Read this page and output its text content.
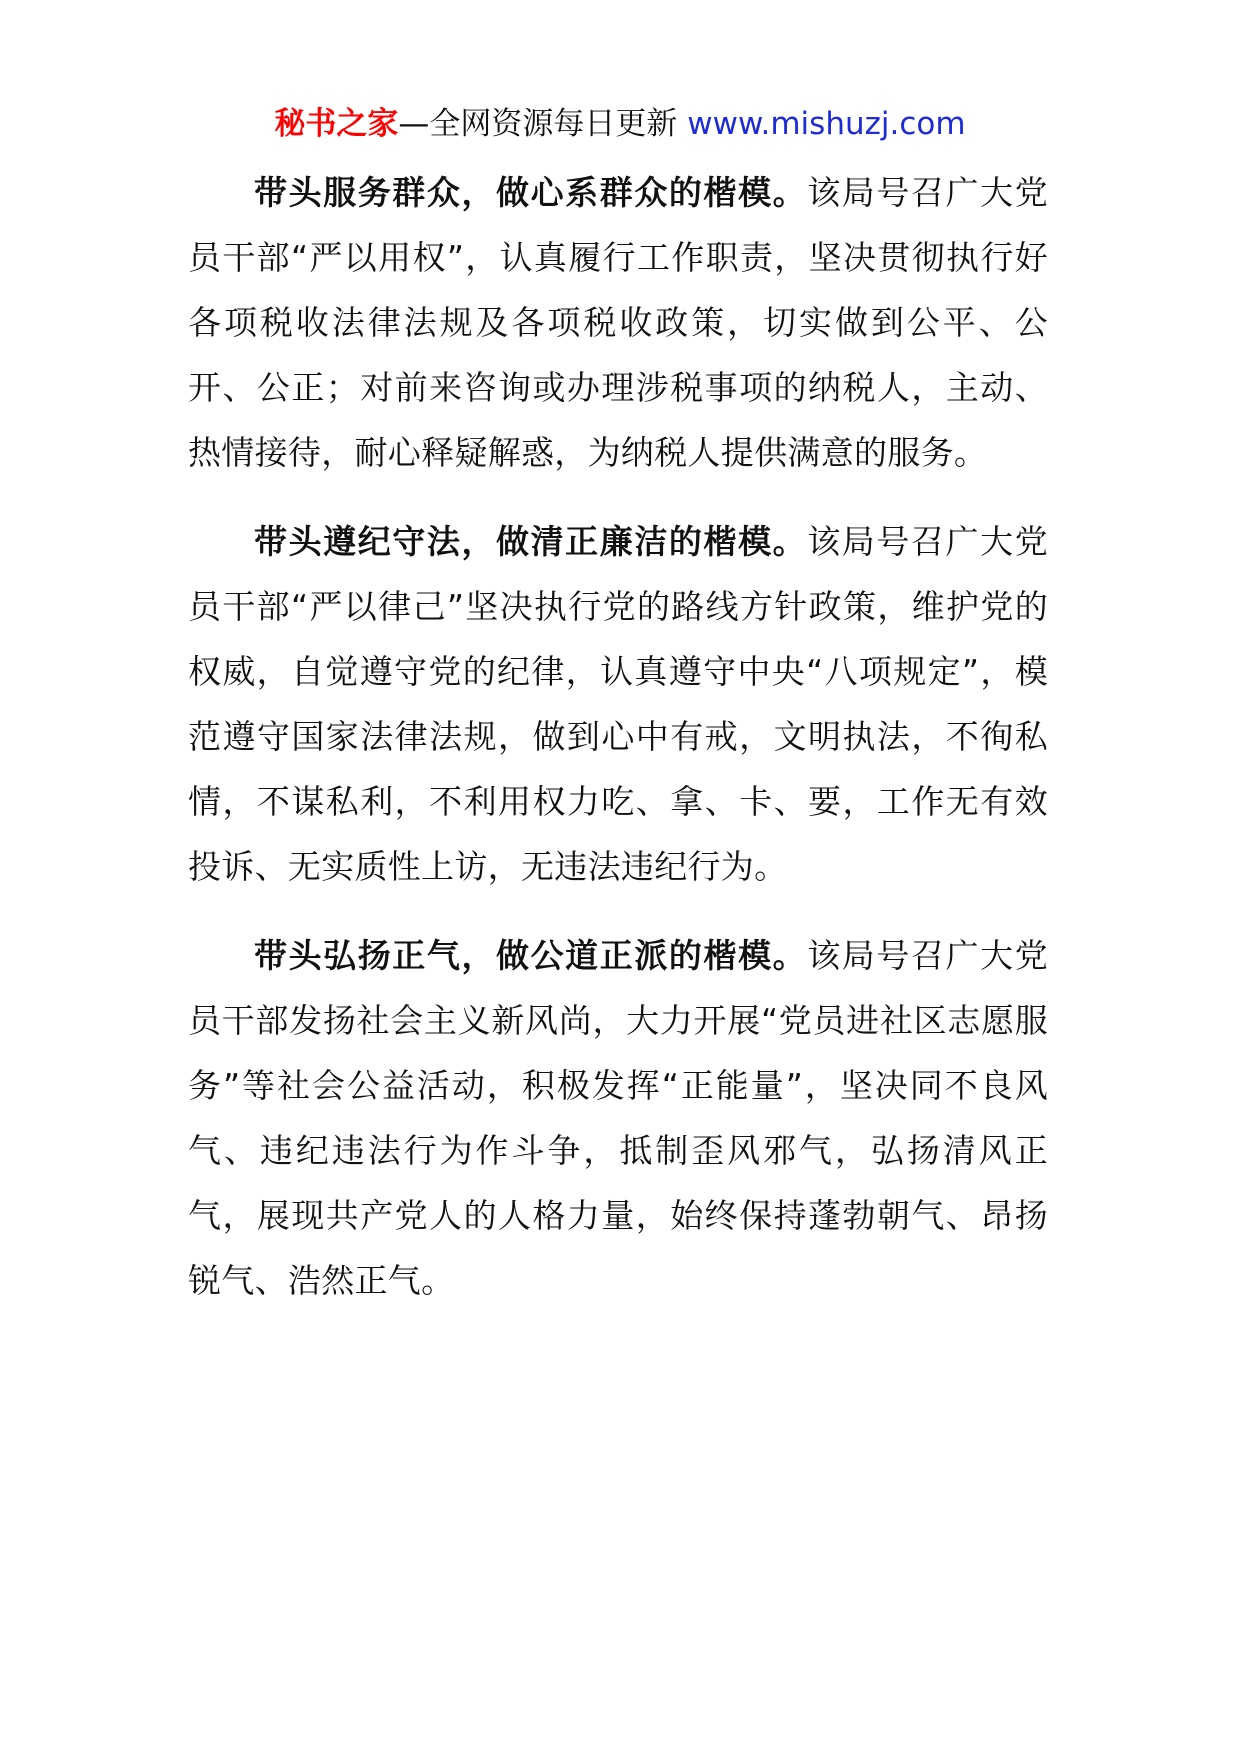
秘书之家—全网资源每日更新 www.mishuzj.com

带头服务群众，做心系群众的楷模。该局号召广大党员干部“严以用权”，认真履行工作职责，坚决贯彻执行好各项税收法律法规及各项税收政策，切实做到公平、公开、公正；对前来咨询或办理涉税事项的纳税人，主动、热情接待，耐心释疑解惑，为纳税人提供满意的服务。

带头遵纪守法，做清正廉洁的楷模。该局号召广大党员干部“严以律己”坚决执行党的路线方针政策，维护党的权威，自觉遵守党的纪律，认真遵守中央“八项规定”，模范遵守国家法律法规，做到心中有戒，文明执法，不徇私情，不谋私利，不利用权力吃、拿、卡、要，工作无有效投诉、无实质性上访，无违法违纪行为。

带头弘扬正气，做公道正派的楷模。该局号召广大党员干部发扬社会主义新风尚，大力开展“党员进社区志愿服务”等社会公益活动，积极发挥“正能量”，坚决同不良风气、违纪违法行为作斗争，抵制歪风邪气，弘扬清风正气，展现共产党人的人格力量，始终保持蓬勃朝气、昂扬锐气、浩然正气。
